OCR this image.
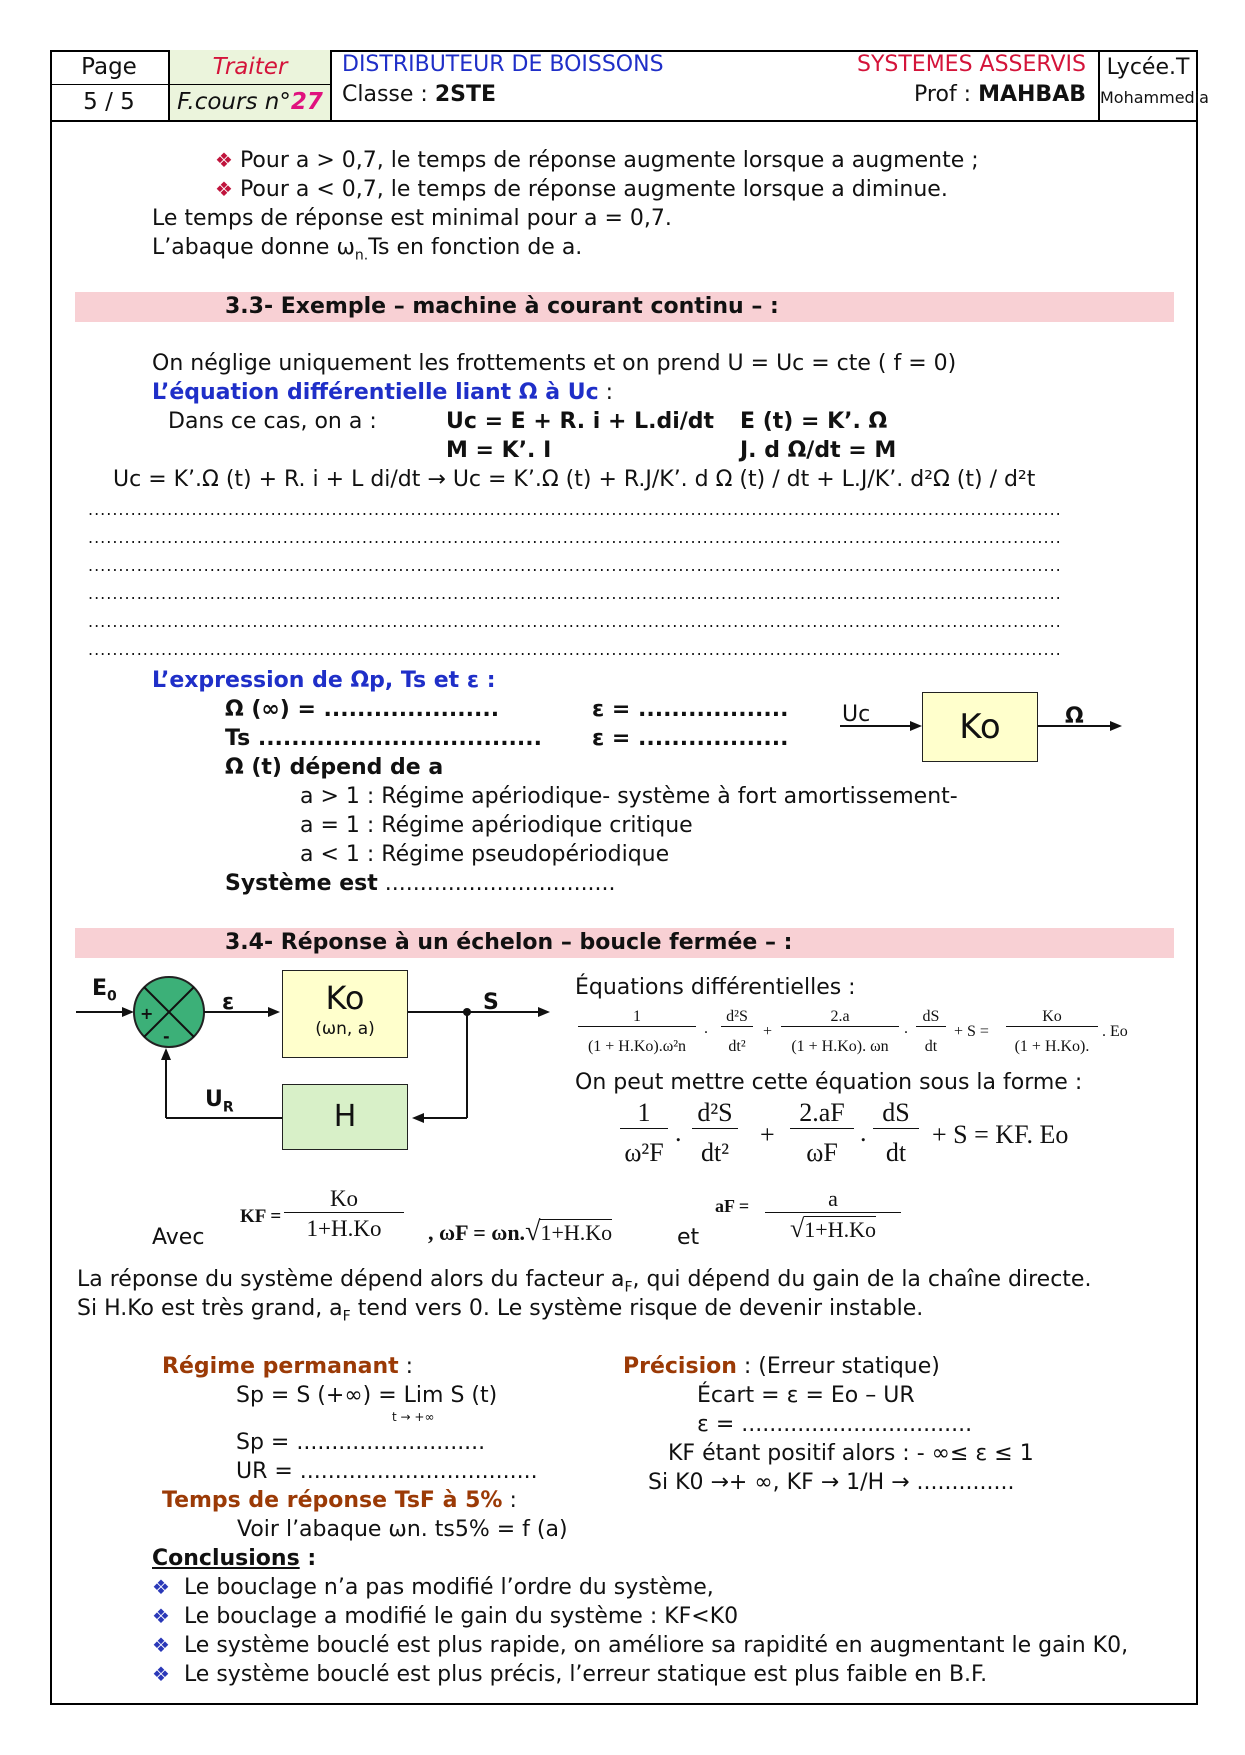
Page
5 / 5
Traiter
F.cours n°27
DISTRIBUTEUR DE BOISSONS
Classe : 2STE
SYSTEMES ASSERVIS
Prof : MAHBAB
Lycée.T
Mohammedia
❖ Pour a > 0,7, le temps de réponse augmente lorsque a augmente ;
❖ Pour a < 0,7, le temps de réponse augmente lorsque a diminue.
Le temps de réponse est minimal pour a = 0,7.
L’abaque donne $\omega_{n.}Ts$ en fonction de a.
3.3- Exemple – machine à courant continu – :
On néglige uniquement les frottements et on prend U = Uc = cte ( f = 0)
L’équation différentielle liant Ω à Uc :
Dans ce cas, on a :	Uc = E + R. i + L.di/dt E (t) = K’. Ω
M = K’. I	J. d Ω/dt = M
Uc = K’.Ω (t) + R. i + L di/dt → Uc = K’.Ω (t) + R.J/K’. d Ω (t) / dt + L.J/K’. d²Ω (t) / d²t
................................................................................................................................................................
................................................................................................................................................................
................................................................................................................................................................
................................................................................................................................................................
................................................................................................................................................................
................................................................................................................................................................
L’expression de Ωp, Ts et ε :
Ω (∞) = .....................	ε = ..................
Ts .................................. ε = ..................
Ω (t) dépend de a
a > 1 : Régime apériodique- système à fort amortissement-
a = 1 : Régime apériodique critique
a < 1 : Régime pseudopériodique
Système est .................................
Ko
Uc	Ω
3.4- Réponse à un échelon – boucle fermée – :
$E_0$
+
-
ε	Ko
(ωn, a)
S
$U_R$	H
Équations différentielles :
1
(1 + H.Ko).ω²n
.
d²S
dt²
+
2.a
(1 + H.Ko). ωn
.
dS
dt
+ S =
Ko
(1 + H.Ko).
. Eo
On peut mettre cette équation sous la forme :
1
ω²F
.
d²S
dt²
+
2.aF
ωF
.
dS
dt
+ S = KF. Eo
Avec
KF =
Ko
1+H.Ko	, ωF = ωn.√1+H.Ko	et
aF =	a
√1+H.Ko
La réponse du système dépend alors du facteur $a_F$, qui dépend du gain de la chaîne directe.
Si H.Ko est très grand, $a_F$ tend vers 0. Le système risque de devenir instable.
Régime permanant :
Sp = S (+∞) = Lim S (t)
t → +∞
Sp = ...........................
UR = ..................................
Temps de réponse TsF à 5% :
Voir l’abaque ωn. ts5% = f (a)
Précision : (Erreur statique)
Écart = ε = Eo – UR
ε = .................................
KF étant positif alors : - ∞≤ ε ≤ 1
Si K0 →+ ∞, KF → 1/H → ..............
Conclusions :
❖ Le bouclage n’a pas modifié l’ordre du système,
❖ Le bouclage a modifié le gain du système : KF<K0
❖ Le système bouclé est plus rapide, on améliore sa rapidité en augmentant le gain K0,
❖ Le système bouclé est plus précis, l’erreur statique est plus faible en B.F.
